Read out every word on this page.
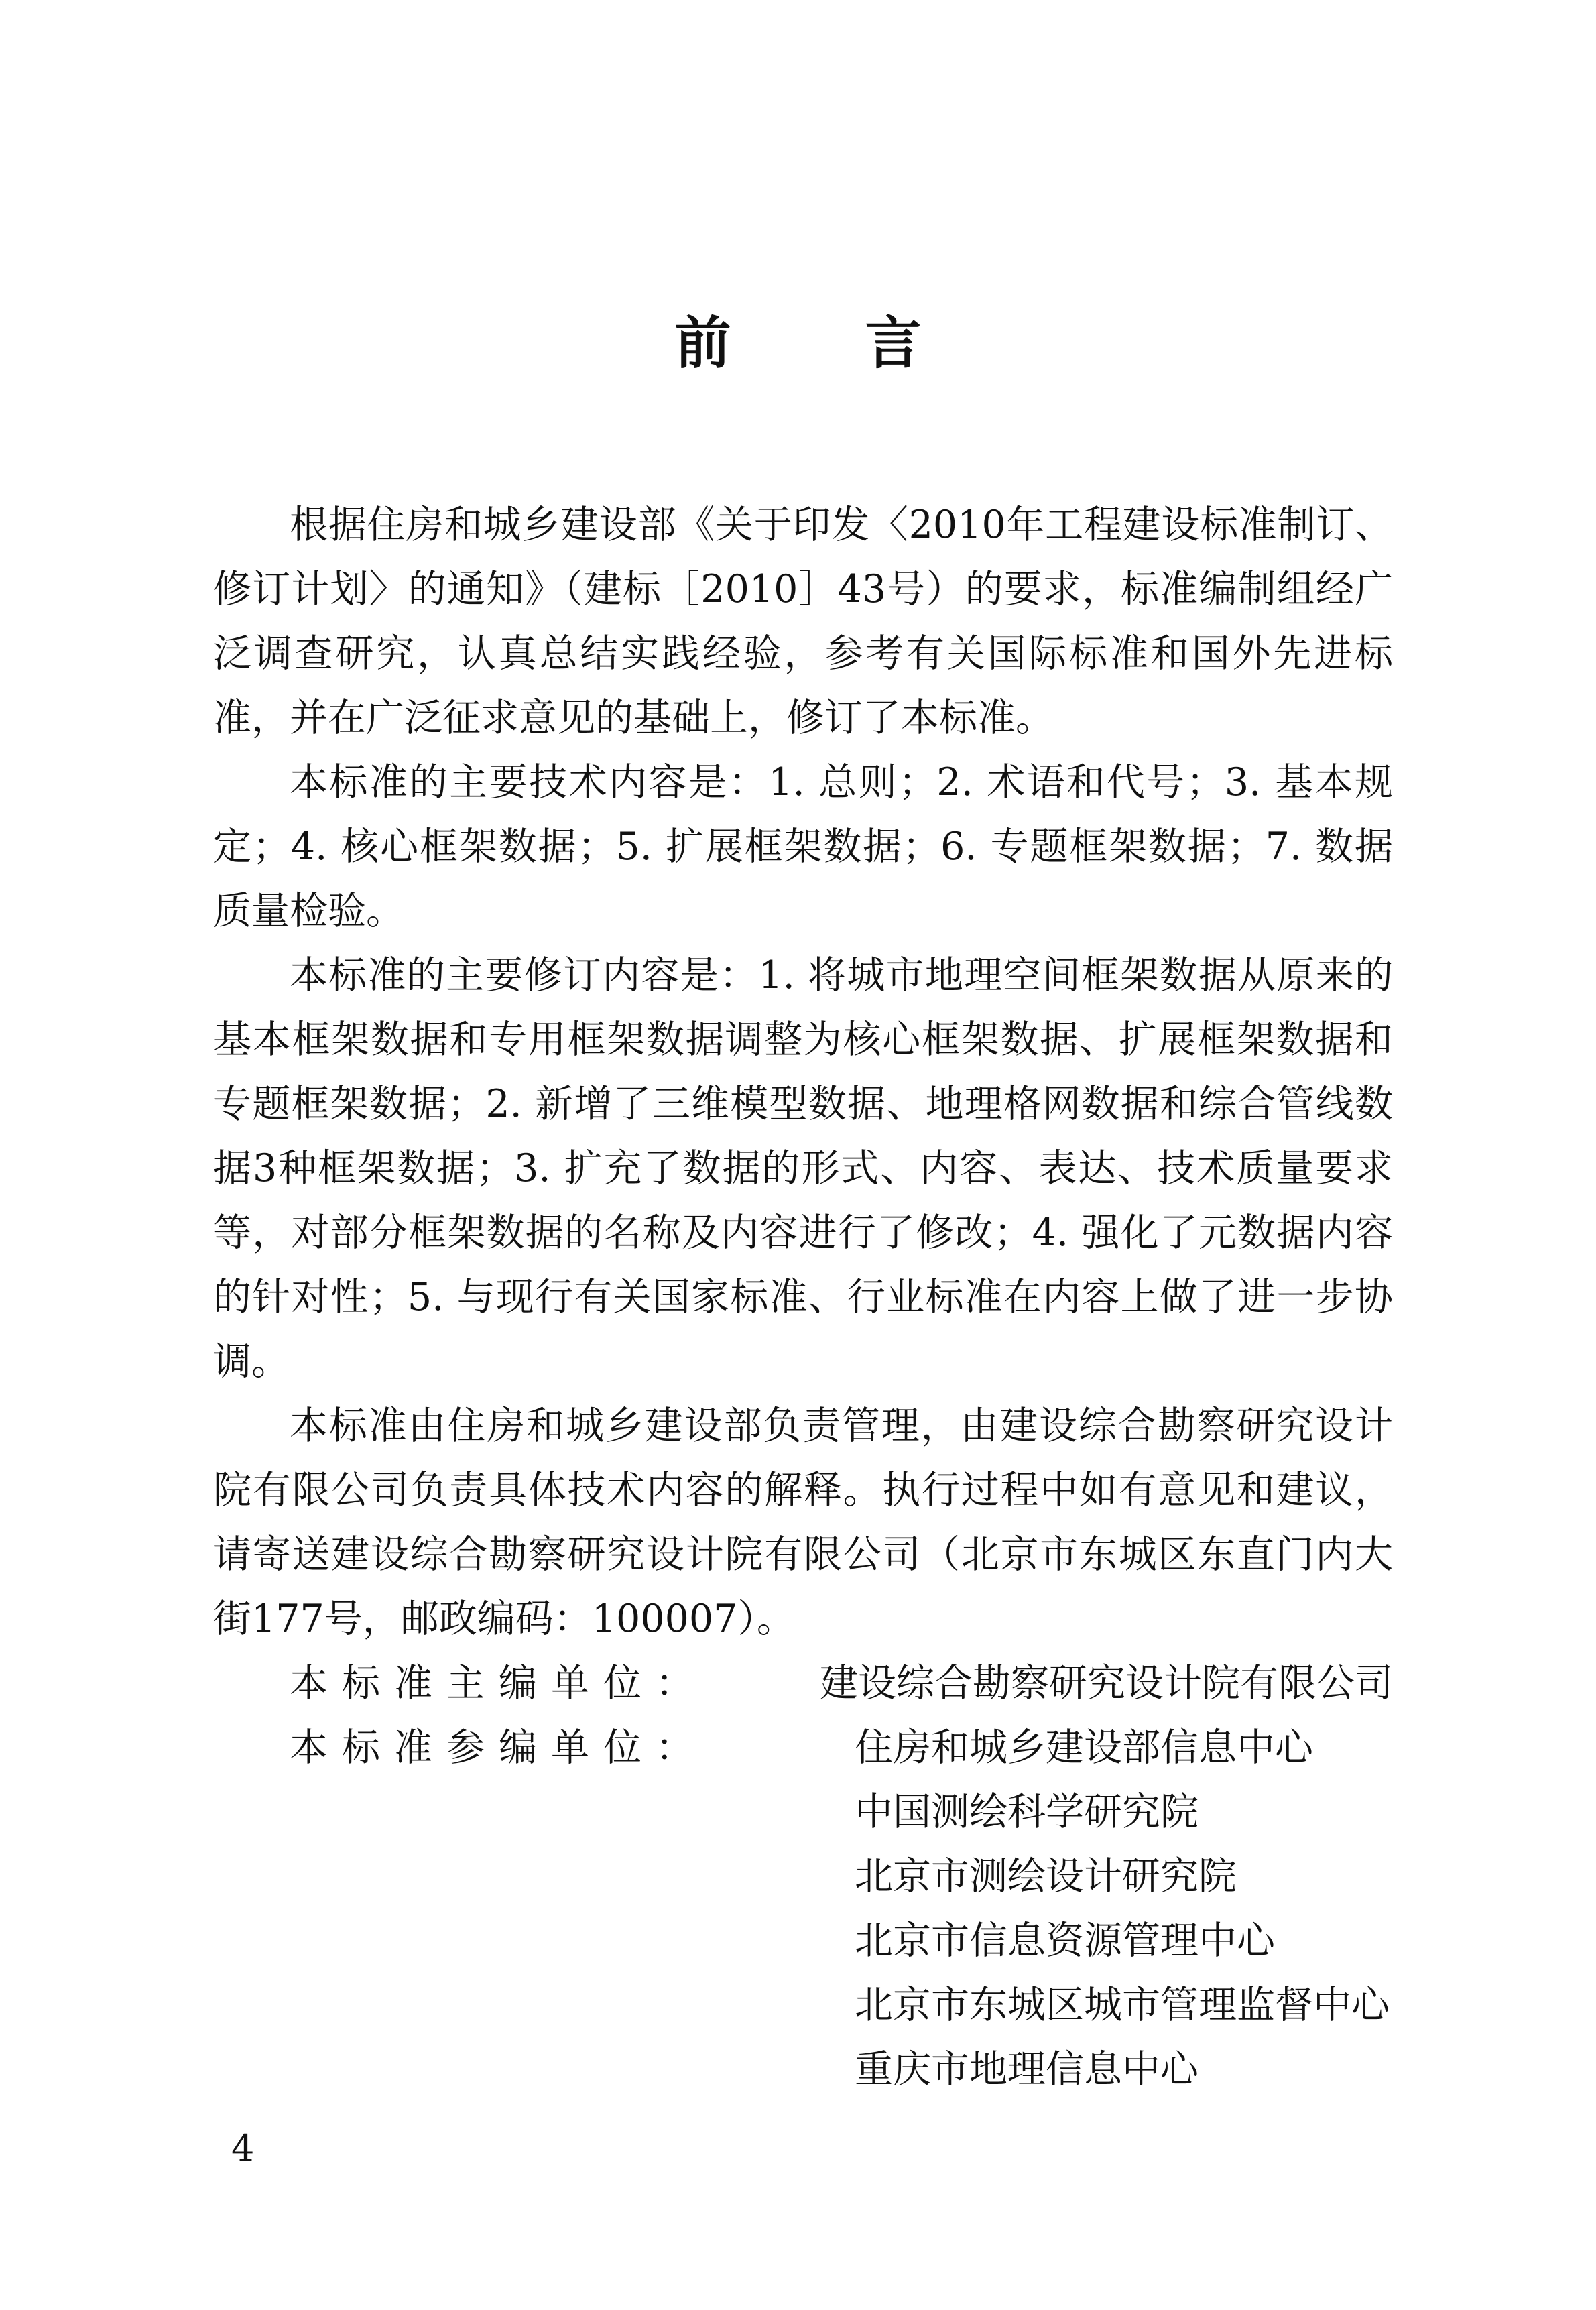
前 言

根据住房和城乡建设部《关于印发〈2010年工程建设标准制订、修订计划〉的通知》（建标［2010］43号）的要求，标准编制组经广泛调查研究，认真总结实践经验，参考有关国际标准和国外先进标准，并在广泛征求意见的基础上，修订了本标准。

本标准的主要技术内容是：1. 总则；2. 术语和代号；3. 基本规定；4. 核心框架数据；5. 扩展框架数据；6. 专题框架数据；7. 数据质量检验。

本标准的主要修订内容是：1. 将城市地理空间框架数据从原来的基本框架数据和专用框架数据调整为核心框架数据、扩展框架数据和专题框架数据；2. 新增了三维模型数据、地理格网数据和综合管线数据3种框架数据；3. 扩充了数据的形式、内容、表达、技术质量要求等，对部分框架数据的名称及内容进行了修改；4. 强化了元数据内容的针对性；5. 与现行有关国家标准、行业标准在内容上做了进一步协调。

本标准由住房和城乡建设部负责管理，由建设综合勘察研究设计院有限公司负责具体技术内容的解释。执行过程中如有意见和建议，请寄送建设综合勘察研究设计院有限公司（北京市东城区东直门内大街177号，邮政编码：100007）。

本标准主编单位：	建设综合勘察研究设计院有限公司
本标准参编单位：	住房和城乡建设部信息中心
中国测绘科学研究院
北京市测绘设计研究院
北京市信息资源管理中心
北京市东城区城市管理监督中心
重庆市地理信息中心
4
